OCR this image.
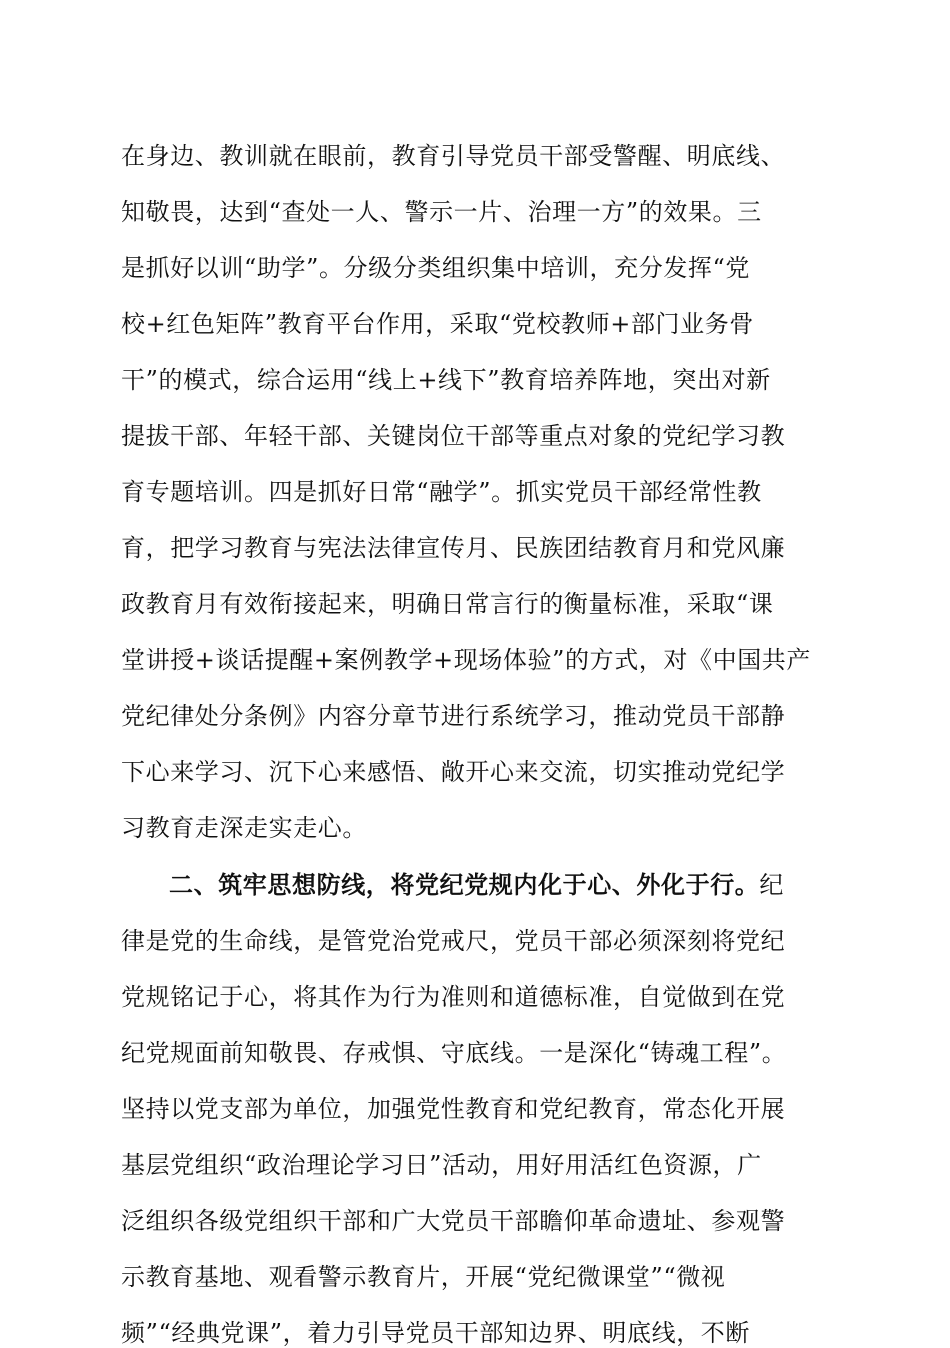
在身边、教训就在眼前，教育引导党员干部受警醒、明底线、
知敬畏，达到“查处一人、警示一片、治理一方”的效果。三
是抓好以训“助学”。分级分类组织集中培训，充分发挥“党
校+红色矩阵”教育平台作用，采取“党校教师+部门业务骨
干”的模式，综合运用“线上+线下”教育培养阵地，突出对新
提拔干部、年轻干部、关键岗位干部等重点对象的党纪学习教
育专题培训。四是抓好日常“融学”。抓实党员干部经常性教
育，把学习教育与宪法法律宣传月、民族团结教育月和党风廉
政教育月有效衔接起来，明确日常言行的衡量标准，采取“课
堂讲授+谈话提醒+案例教学+现场体验”的方式，对《中国共产
党纪律处分条例》内容分章节进行系统学习，推动党员干部静
下心来学习、沉下心来感悟、敞开心来交流，切实推动党纪学
习教育走深走实走心。
二、筑牢思想防线，将党纪党规内化于心、外化于行。纪
律是党的生命线，是管党治党戒尺，党员干部必须深刻将党纪
党规铭记于心，将其作为行为准则和道德标准，自觉做到在党
纪党规面前知敬畏、存戒惧、守底线。一是深化“铸魂工程”。
坚持以党支部为单位，加强党性教育和党纪教育，常态化开展
基层党组织“政治理论学习日”活动，用好用活红色资源，广
泛组织各级党组织干部和广大党员干部瞻仰革命遗址、参观警
示教育基地、观看警示教育片，开展“党纪微课堂”“微视
频”“经典党课”，着力引导党员干部知边界、明底线，不断
